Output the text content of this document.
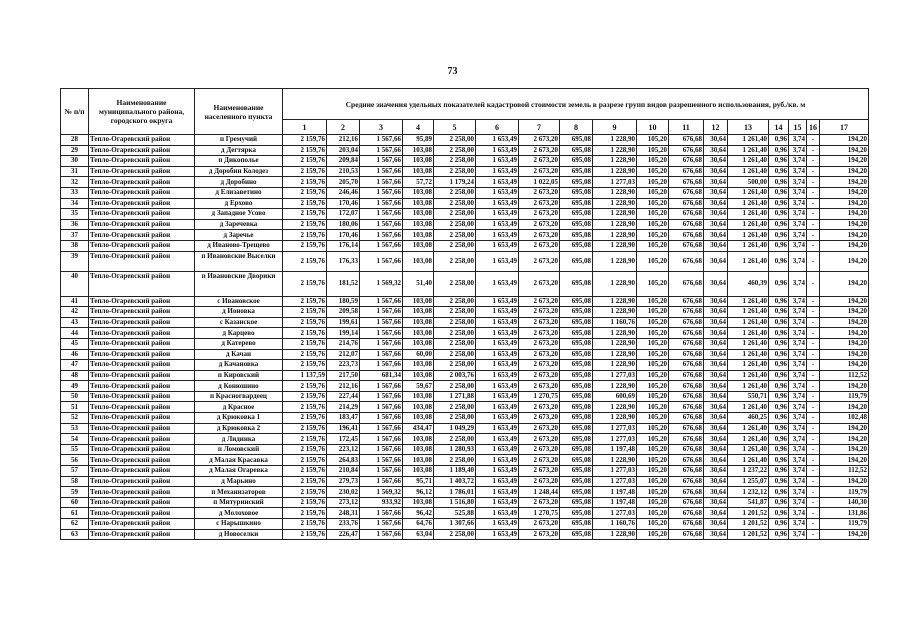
73
№ п/п	Наименование муниципального района, городского округа	Наименование населенного пункта	Средние значения удельных показателей кадастровой стоимости земель в разрезе групп видов разрешенного использования, руб./кв. м																
			1	2	3	4	5	6	7	8	9	10	11	12	13	14	15	16	17
28	Тепло-Огаревский район	п Гремучий	2 159,76	212,16	1 567,66	95,89	2 258,00	1 653,49	2 673,20	695,08	1 228,90	105,20	676,68	30,64	1 261,40	0,96	3,74	-	194,20
29	Тепло-Огаревский район	д Дегтярка	2 159,76	203,04	1 567,66	103,08	2 258,00	1 653,49	2 673,20	695,08	1 228,90	105,20	676,68	30,64	1 261,40	0,96	3,74	-	194,20
30	Тепло-Огаревский район	п Дикополье	2 159,76	209,84	1 567,66	103,08	2 258,00	1 653,49	2 673,20	695,08	1 228,90	105,20	676,68	30,64	1 261,40	0,96	3,74	-	194,20
31	Тепло-Огаревский район	д Доробин Колодез	2 159,76	210,53	1 567,66	103,08	2 258,00	1 653,49	2 673,20	695,08	1 228,90	105,20	676,68	30,64	1 261,40	0,96	3,74	-	194,20
32	Тепло-Огаревский район	д Доробино	2 159,76	205,70	1 567,66	57,72	1 179,24	1 653,49	1 022,05	695,08	1 277,03	105,20	676,68	30,64	500,00	0,96	3,74	-	194,20
33	Тепло-Огаревский район	д Елизаветино	2 159,76	246,46	1 567,66	103,08	2 258,00	1 653,49	2 673,20	695,08	1 228,90	105,20	676,68	30,64	1 261,40	0,96	3,74	-	194,20
34	Тепло-Огаревский район	д Ерхово	2 159,76	170,46	1 567,66	103,08	2 258,00	1 653,49	2 673,20	695,08	1 228,90	105,20	676,68	30,64	1 261,40	0,96	3,74	-	194,20
35	Тепло-Огаревский район	д Западное Усово	2 159,76	172,07	1 567,66	103,08	2 258,00	1 653,49	2 673,20	695,08	1 228,90	105,20	676,68	30,64	1 261,40	0,96	3,74	-	194,20
36	Тепло-Огаревский район	д Заречевка	2 159,76	180,06	1 567,66	103,08	2 258,00	1 653,49	2 673,20	695,08	1 228,90	105,20	676,68	30,64	1 261,40	0,96	3,74	-	194,20
37	Тепло-Огаревский район	д Заречье	2 159,76	170,46	1 567,66	103,08	2 258,00	1 653,49	2 673,20	695,08	1 228,90	105,20	676,68	30,64	1 261,40	0,96	3,74	-	194,20
38	Тепло-Огаревский район	д Иваново-Трещево	2 159,76	176,14	1 567,66	103,08	2 258,00	1 653,49	2 673,20	695,08	1 228,90	105,20	676,68	30,64	1 261,40	0,96	3,74	-	194,20
39	Тепло-Огаревский район	п Ивановские Выселки	2 159,76	176,33	1 567,66	103,08	2 258,00	1 653,49	2 673,20	695,08	1 228,90	105,20	676,68	30,64	1 261,40	0,96	3,74	-	194,20
40	Тепло-Огаревский район	п Ивановские Дворики	2 159,76	181,52	1 569,32	51,40	2 258,00	1 653,49	2 673,20	695,08	1 228,90	105,20	676,68	30,64	460,39	0,96	3,74	-	194,20
41	Тепло-Огаревский район	с Ивановское	2 159,76	180,59	1 567,66	103,08	2 258,00	1 653,49	2 673,20	695,08	1 228,90	105,20	676,68	30,64	1 261,40	0,96	3,74	-	194,20
42	Тепло-Огаревский район	д Ионовка	2 159,76	209,58	1 567,66	103,08	2 258,00	1 653,49	2 673,20	695,08	1 228,90	105,20	676,68	30,64	1 261,40	0,96	3,74	-	194,20
43	Тепло-Огаревский район	с Казанское	2 159,76	199,61	1 567,66	103,08	2 258,00	1 653,49	2 673,20	695,08	1 160,76	105,20	676,68	30,64	1 261,40	0,96	3,74	-	194,20
44	Тепло-Огаревский район	д Карцево	2 159,76	199,14	1 567,66	103,08	2 258,00	1 653,49	2 673,20	695,08	1 228,90	105,20	676,68	30,64	1 261,40	0,96	3,74	-	194,20
45	Тепло-Огаревский район	д Катерево	2 159,76	214,76	1 567,66	103,08	2 258,00	1 653,49	2 673,20	695,08	1 228,90	105,20	676,68	30,64	1 261,40	0,96	3,74	-	194,20
46	Тепло-Огаревский район	д Качан	2 159,76	212,07	1 567,66	60,00	2 258,00	1 653,49	2 673,20	695,08	1 228,90	105,20	676,68	30,64	1 261,40	0,96	3,74	-	194,20
47	Тепло-Огаревский район	д Качановка	2 159,76	223,73	1 567,66	103,08	2 258,00	1 653,49	2 673,20	695,08	1 228,90	105,20	676,68	30,64	1 261,40	0,96	3,74	-	194,20
48	Тепло-Огаревский район	п Кировский	1 137,59	217,50	681,34	103,08	2 003,76	1 653,49	2 673,20	695,08	1 277,03	105,20	676,68	30,64	1 261,40	0,96	3,74	-	112,52
49	Тепло-Огаревский район	д Конюшино	2 159,76	212,16	1 567,66	59,67	2 258,00	1 653,49	2 673,20	695,08	1 228,90	105,20	676,68	30,64	1 261,40	0,96	3,74	-	194,20
50	Тепло-Огаревский район	п Красногвардеец	2 159,76	227,44	1 567,66	103,08	1 271,88	1 653,49	1 270,75	695,08	600,69	105,20	676,68	30,64	550,71	0,96	3,74	-	119,79
51	Тепло-Огаревский район	д Красное	2 159,76	214,29	1 567,66	103,08	2 258,00	1 653,49	2 673,20	695,08	1 228,90	105,20	676,68	30,64	1 261,40	0,96	3,74	-	194,20
52	Тепло-Огаревский район	д Крюковка 1	2 159,76	183,47	1 567,66	103,08	2 258,00	1 653,49	2 673,20	695,08	1 228,90	105,20	676,68	30,64	460,25	0,96	3,74	-	102,48
53	Тепло-Огаревский район	д Крюковка 2	2 159,76	196,41	1 567,66	434,47	1 049,29	1 653,49	2 673,20	695,08	1 277,03	105,20	676,68	30,64	1 261,40	0,96	3,74	-	194,20
54	Тепло-Огаревский район	д Лидинка	2 159,76	172,45	1 567,66	103,08	2 258,00	1 653,49	2 673,20	695,08	1 277,03	105,20	676,68	30,64	1 261,40	0,96	3,74	-	194,20
55	Тепло-Огаревский район	п Ломовский	2 159,76	223,12	1 567,66	103,08	1 280,93	1 653,49	2 673,20	695,08	1 197,48	105,20	676,68	30,64	1 261,40	0,96	3,74	-	194,20
56	Тепло-Огаревский район	д Малая Красавка	2 159,76	264,83	1 567,66	103,08	2 258,00	1 653,49	2 673,20	695,08	1 228,90	105,20	676,68	30,64	1 261,40	0,96	3,74	-	194,20
57	Тепло-Огаревский район	д Малая Огаревка	2 159,76	210,84	1 567,66	103,08	1 189,40	1 653,49	2 673,20	695,08	1 277,03	105,20	676,68	30,64	1 237,22	0,96	3,74	-	112,52
58	Тепло-Огаревский район	д Марьино	2 159,76	279,73	1 567,66	95,71	1 403,72	1 653,49	2 673,20	695,08	1 277,03	105,20	676,68	30,64	1 255,07	0,96	3,74	-	194,20
59	Тепло-Огаревский район	п Механизаторов	2 159,76	230,02	1 569,32	96,12	1 786,01	1 653,49	1 248,44	695,08	1 197,48	105,20	676,68	30,64	1 232,12	0,96	3,74	-	119,79
60	Тепло-Огаревский район	п Митуринский	2 159,76	273,12	933,92	103,08	1 516,80	1 653,49	2 673,20	695,08	1 197,48	105,20	676,68	30,64	541,87	0,96	3,74	-	140,30
61	Тепло-Огаревский район	д Молоховое	2 159,76	248,31	1 567,66	96,42	525,88	1 653,49	1 270,75	695,08	1 277,03	105,20	676,68	30,64	1 201,52	0,96	3,74	-	131,86
62	Тепло-Огаревский район	с Нарышкино	2 159,76	233,76	1 567,66	64,76	1 307,66	1 653,49	2 673,20	695,08	1 160,76	105,20	676,68	30,64	1 201,52	0,96	3,74	-	119,79
63	Тепло-Огаревский район	д Новоселки	2 159,76	226,47	1 567,66	63,04	2 258,00	1 653,49	2 673,20	695,08	1 228,90	105,20	676,68	30,64	1 201,52	0,96	3,74	-	194,20
